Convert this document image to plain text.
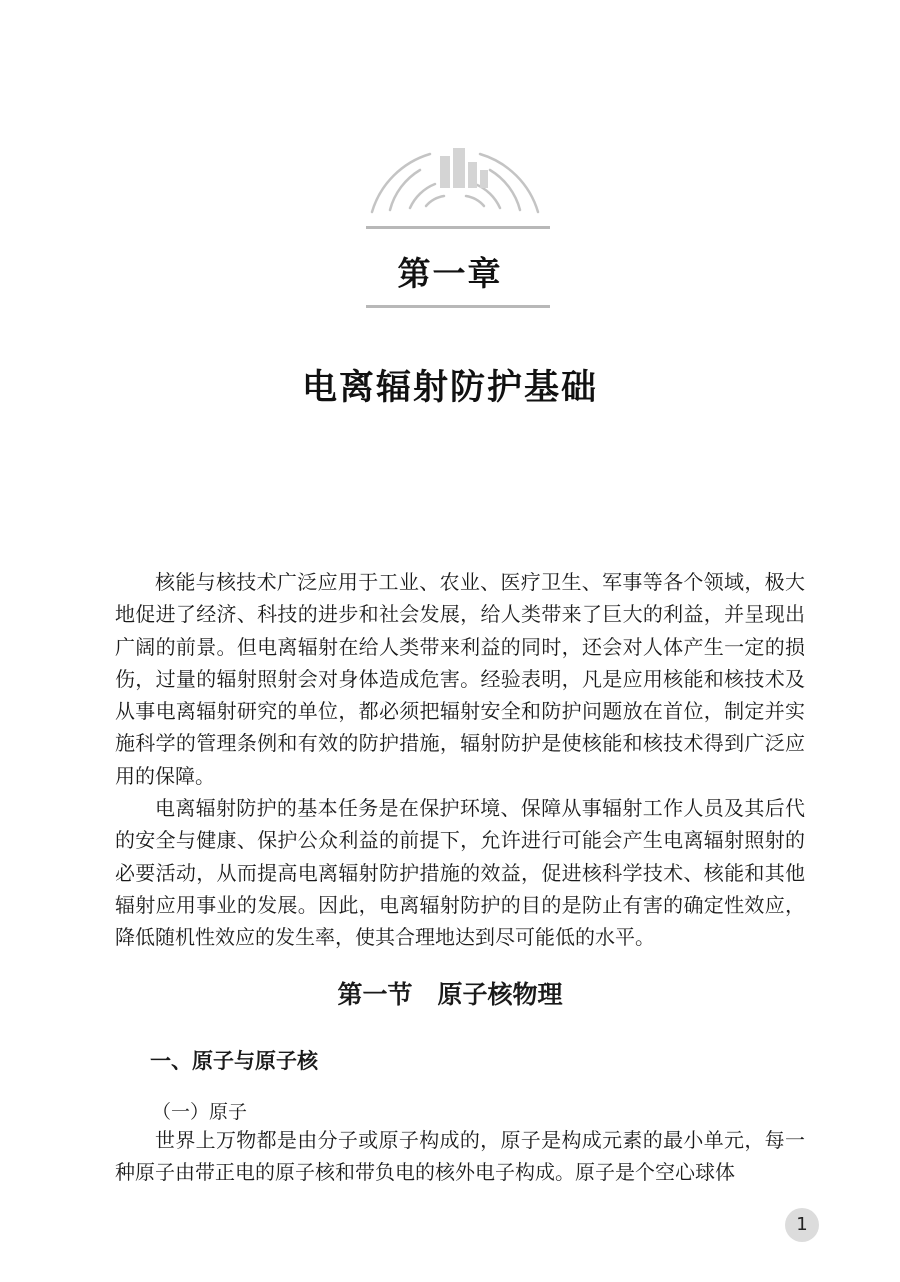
第一章
电离辐射防护基础

核能与核技术广泛应用于工业、农业、医疗卫生、军事等各个领域，极大地促进了经济、科技的进步和社会发展，给人类带来了巨大的利益，并呈现出广阔的前景。但电离辐射在给人类带来利益的同时，还会对人体产生一定的损伤，过量的辐射照射会对身体造成危害。经验表明，凡是应用核能和核技术及从事电离辐射研究的单位，都必须把辐射安全和防护问题放在首位，制定并实施科学的管理条例和有效的防护措施，辐射防护是使核能和核技术得到广泛应用的保障。

电离辐射防护的基本任务是在保护环境、保障从事辐射工作人员及其后代的安全与健康、保护公众利益的前提下，允许进行可能会产生电离辐射照射的必要活动，从而提高电离辐射防护措施的效益，促进核科学技术、核能和其他辐射应用事业的发展。因此，电离辐射防护的目的是防止有害的确定性效应，降低随机性效应的发生率，使其合理地达到尽可能低的水平。

第一节　原子核物理
一、原子与原子核
（一）原子

世界上万物都是由分子或原子构成的，原子是构成元素的最小单元，每一种原子由带正电的原子核和带负电的核外电子构成。原子是个空心球体

1
